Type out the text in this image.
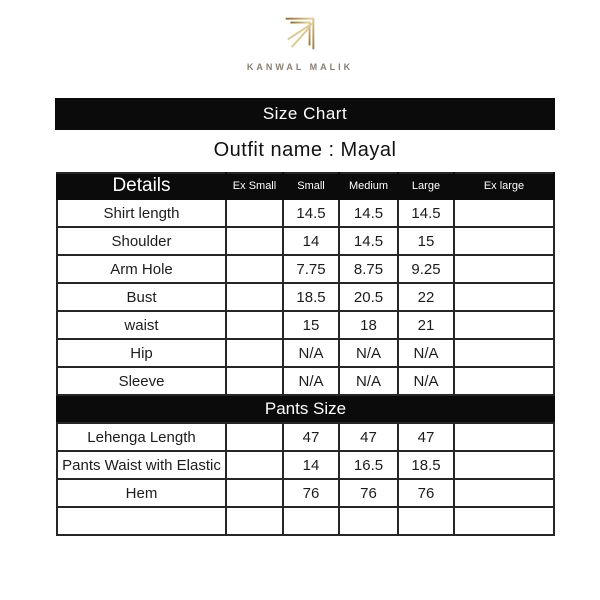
KANWAL MALIK
Size Chart
Outfit name : Mayal
Details	Ex Small	Small	Medium	Large	Ex large
Shirt length		14.5	14.5	14.5	
Shoulder		14	14.5	15	
Arm Hole		7.75	8.75	9.25	
Bust		18.5	20.5	22	
waist		15	18	21	
Hip		N/A	N/A	N/A	
Sleeve		N/A	N/A	N/A	
Pants Size					
Lehenga Length		47	47	47	
Pants Waist with Elastic		14	16.5	18.5	
Hem		76	76	76	
